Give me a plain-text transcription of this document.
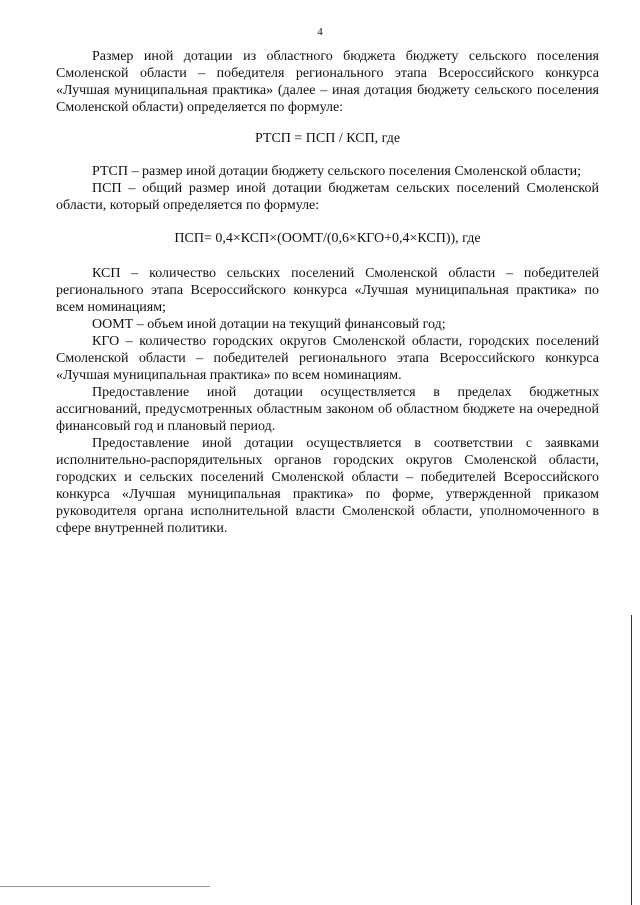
4

Размер иной дотации из областного бюджета бюджету сельского поселения Смоленской области – победителя регионального этапа Всероссийского конкурса «Лучшая муниципальная практика» (далее – иная дотация бюджету сельского поселения Смоленской области) определяется по формуле:

РТСП = ПСП / КСП, где

РТСП – размер иной дотации бюджету сельского поселения Смоленской области;

ПСП – общий размер иной дотации бюджетам сельских поселений Смоленской области, который определяется по формуле:

ПСП= 0,4×КСП×(ООМТ/(0,6×КГО+0,4×КСП)), где

КСП – количество сельских поселений Смоленской области – победителей регионального этапа Всероссийского конкурса «Лучшая муниципальная практика» по всем номинациям;

ООМТ – объем иной дотации на текущий финансовый год;

КГО – количество городских округов Смоленской области, городских поселений Смоленской области – победителей регионального этапа Всероссийского конкурса «Лучшая муниципальная практика» по всем номинациям.

Предоставление иной дотации осуществляется в пределах бюджетных ассигнований, предусмотренных областным законом об областном бюджете на очередной финансовый год и плановый период.

Предоставление иной дотации осуществляется в соответствии с заявками исполнительно-распорядительных органов городских округов Смоленской области, городских и сельских поселений Смоленской области – победителей Всероссийского конкурса «Лучшая муниципальная практика» по форме, утвержденной приказом руководителя органа исполнительной власти Смоленской области, уполномоченного в сфере внутренней политики.
